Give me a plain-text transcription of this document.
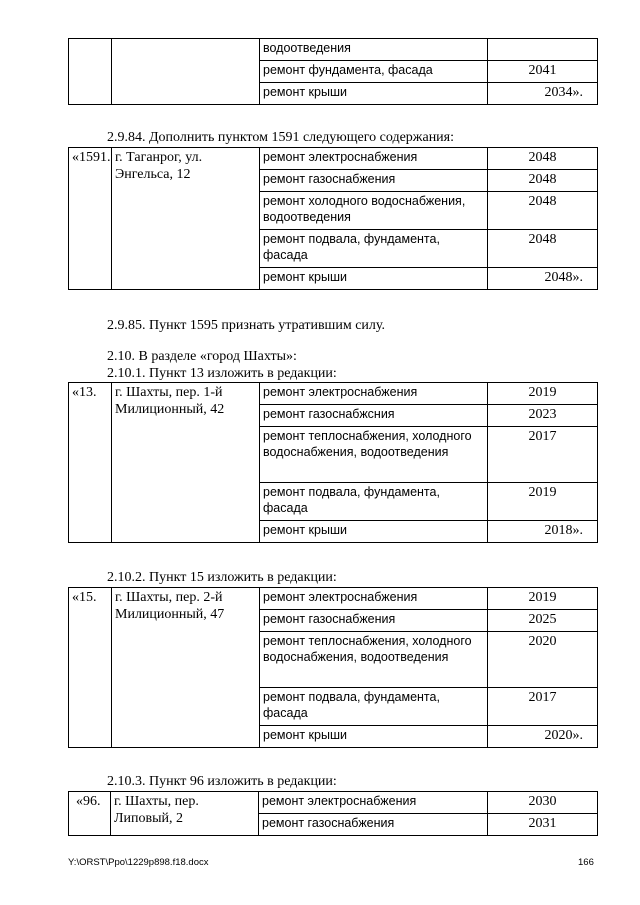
		водоотведения	
		ремонт фундамента, фасада	2041
		ремонт крыши	2034».
2.9.84. Дополнить пунктом 1591 следующего содержания:
«1591.	г. Таганрог, ул. Энгельса, 12	ремонт электроснабжения	2048
		ремонт газоснабжения	2048
		ремонт холодного водоснабжения, водоотведения	2048
		ремонт подвала, фундамента, фасада	2048
		ремонт крыши	2048».
2.9.85. Пункт 1595 признать утратившим силу.
2.10. В разделе «город Шахты»:
2.10.1. Пункт 13 изложить в редакции:
«13.	г. Шахты, пер. 1-й Милиционный, 42	ремонт электроснабжения	2019
		ремонт газоснабжсния	2023
		ремонт теплоснабжения, холодного водоснабжения, водоотведения	2017
		ремонт подвала, фундамента, фасада	2019
		ремонт крыши	2018».
2.10.2. Пункт 15 изложить в редакции:
«15.	г. Шахты, пер. 2-й Милиционный, 47	ремонт электроснабжения	2019
		ремонт газоснабжения	2025
		ремонт теплоснабжения, холодного водоснабжения, водоотведения	2020
		ремонт подвала, фундамента, фасада	2017
		ремонт крыши	2020».
2.10.3. Пункт 96 изложить в редакции:
«96.	г. Шахты, пер. Липовый, 2	ремонт электроснабжения	2030
		ремонт газоснабжения	2031
Y:\ORST\Ppo\1229p898.f18.docx	166
